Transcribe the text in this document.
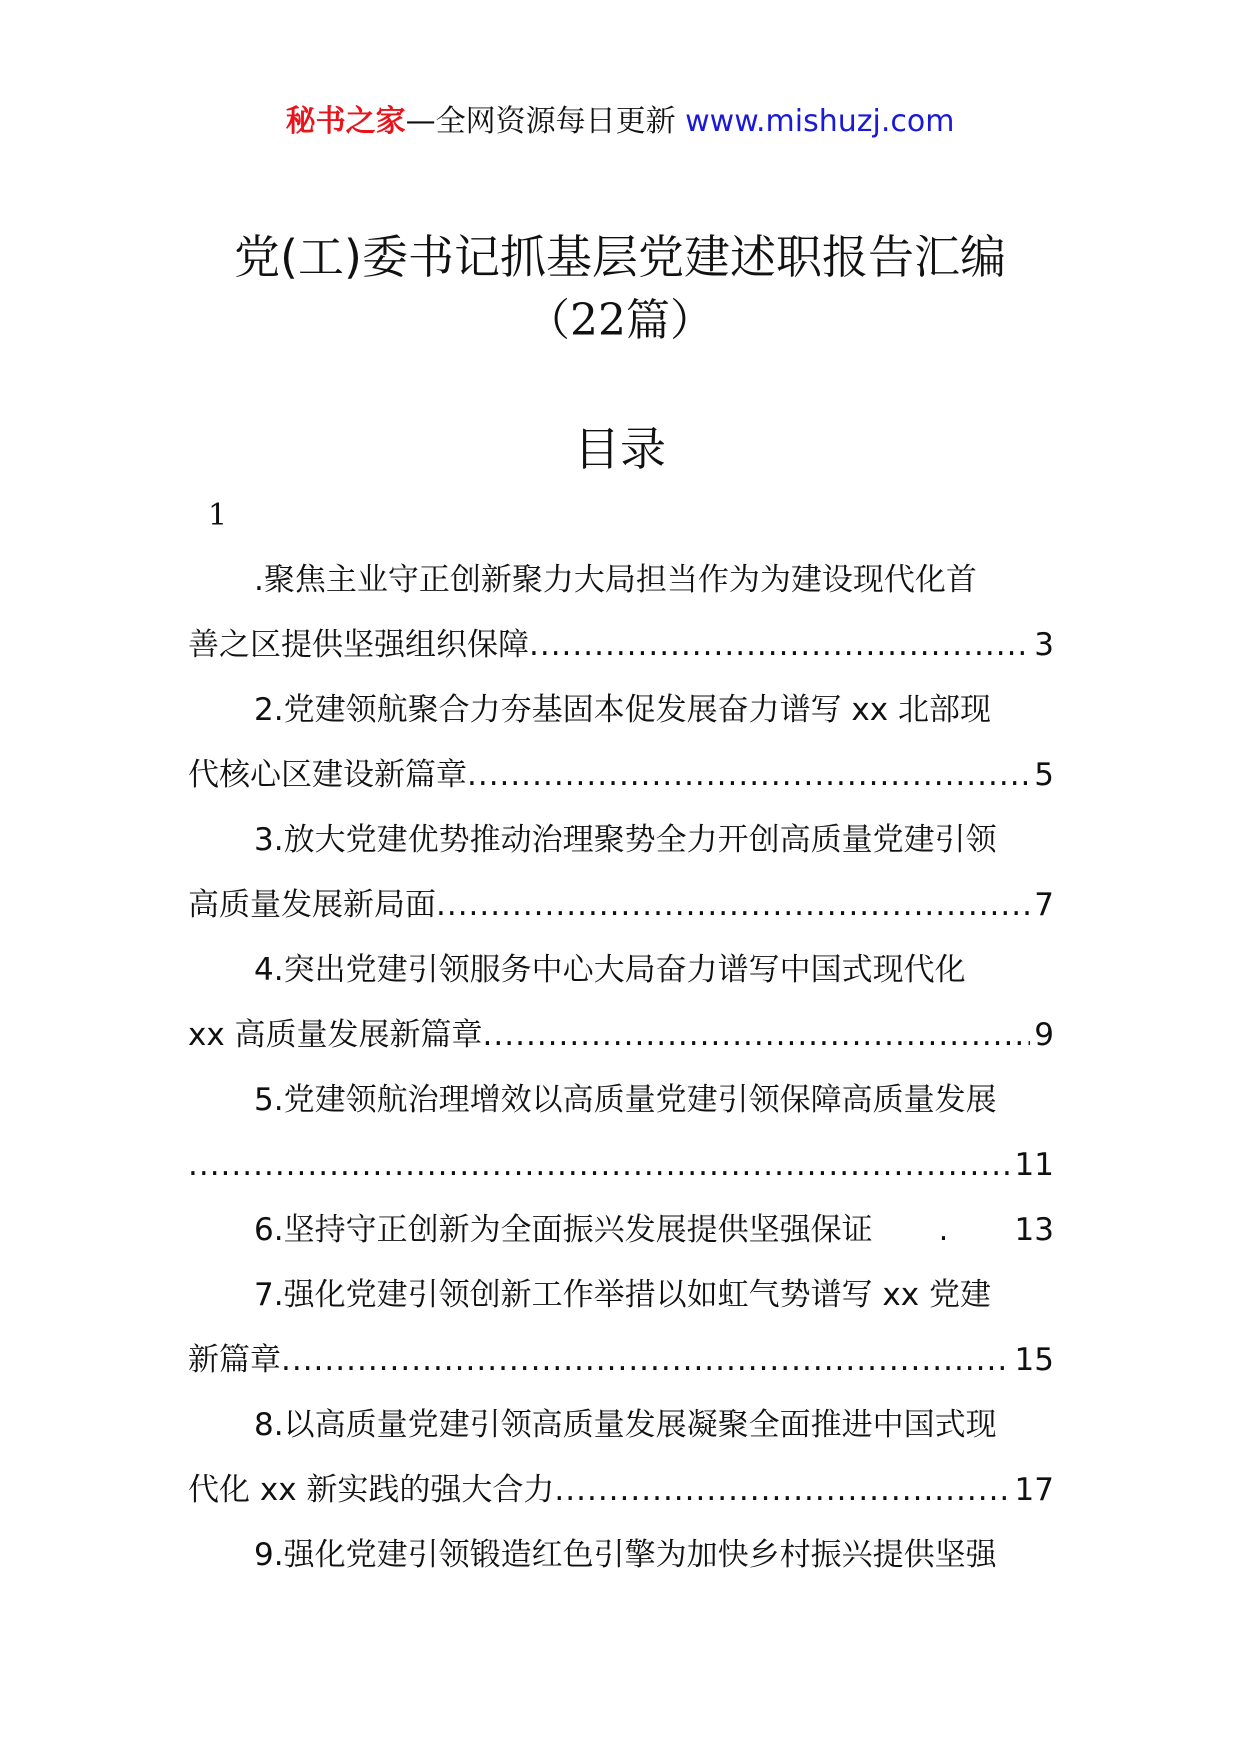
秘书之家—全网资源每日更新 www.mishuzj.com
党(工)委书记抓基层党建述职报告汇编
（22篇）
目录
1
.聚焦主业守正创新聚力大局担当作为为建设现代化首
善之区提供坚强组织保障 .....	3
2.党建领航聚合力夯基固本促发展奋力谱写 xx 北部现
代核心区建设新篇章 .....	5
3.放大党建优势推动治理聚势全力开创高质量党建引领
高质量发展新局面 .....	7
4.突出党建引领服务中心大局奋力谱写中国式现代化
xx 高质量发展新篇章 .....	9
5.党建领航治理增效以高质量党建引领保障高质量发展
.....
11
6.坚持守正创新为全面振兴发展提供坚强保证 .....	13
7.强化党建引领创新工作举措以如虹气势谱写 xx 党建
新篇章 .....	15
8.以高质量党建引领高质量发展凝聚全面推进中国式现
代化 xx 新实践的强大合力 .....	17
9.强化党建引领锻造红色引擎为加快乡村振兴提供坚强
